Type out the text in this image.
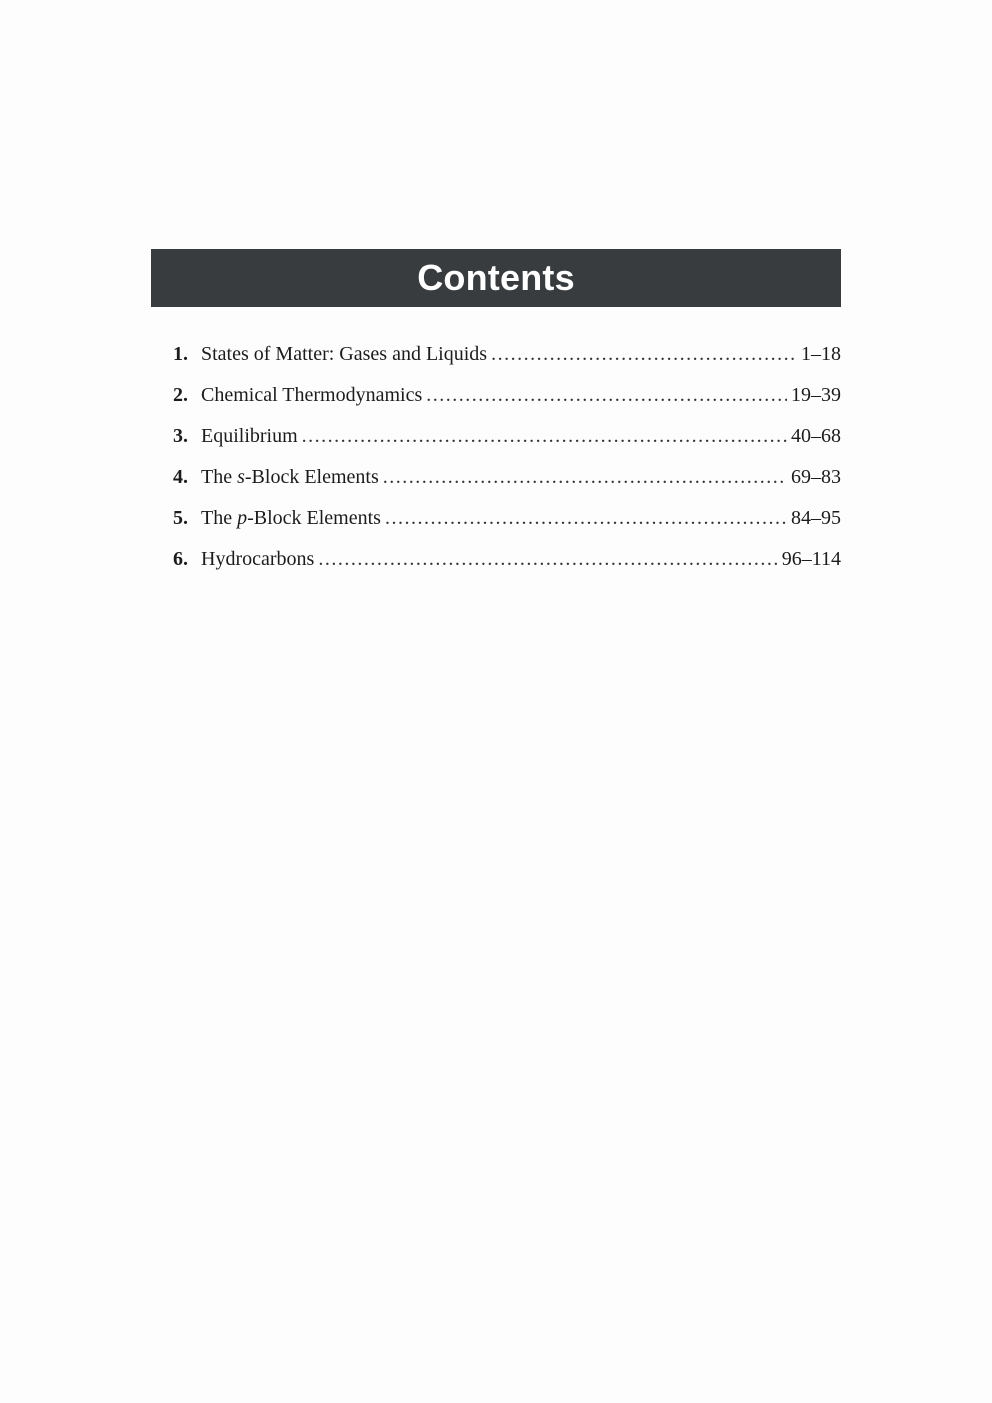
Contents
1. States of Matter: Gases and Liquids .....	1–18
2. Chemical Thermodynamics .....	19–39
3. Equilibrium .....	40–68
4. The s-Block Elements .....	69–83
5. The p-Block Elements .....	84–95
6. Hydrocarbons .....	96–114
